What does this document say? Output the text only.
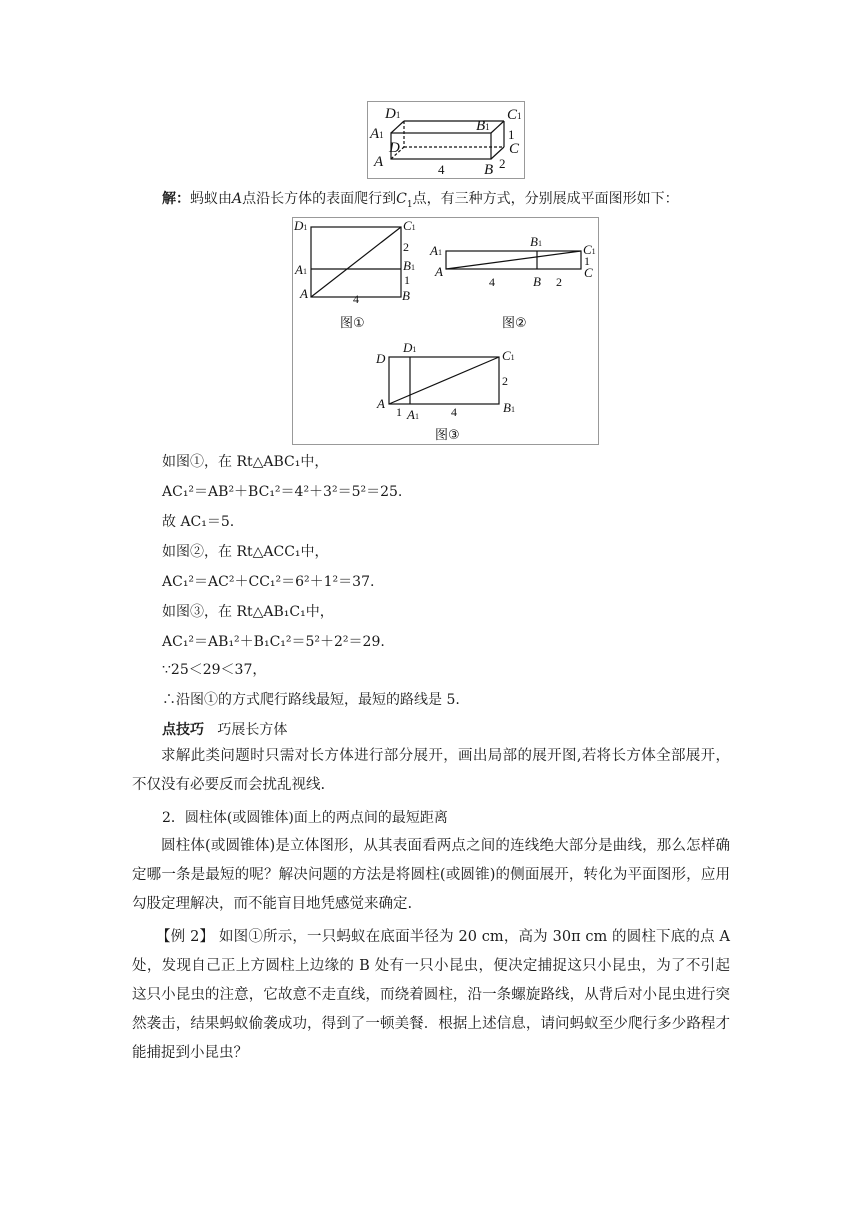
D1
A1
B1
C1
D
A	B
C
4	2
1
解：蚂蚁由A点沿长方体的表面爬行到$C_1$点，有三种方式，分别展成平面图形如下：
D1	C1
A1	B1
A	B
4
2
1
图①
A1
B1	C1
A
B
C
4	2
1
图②
D
D1	C1
A
A1
B1
1	4
2
图③
如图①，在 Rt△ABC₁中，
AC₁²＝AB²＋BC₁²＝4²＋3²＝5²＝25.
故 AC₁＝5.
如图②，在 Rt△ACC₁中，
AC₁²＝AC²＋CC₁²＝6²＋1²＝37.
如图③，在 Rt△AB₁C₁中，
AC₁²＝AB₁²＋B₁C₁²＝5²＋2²＝29.
∵25＜29＜37，
∴沿图①的方式爬行路线最短，最短的路线是 5.
点技巧 巧展长方体
求解此类问题时只需对长方体进行部分展开，画出局部的展开图,若将长方体全部展开，不仅没有必要反而会扰乱视线.
2．圆柱体(或圆锥体)面上的两点间的最短距离
圆柱体(或圆锥体)是立体图形，从其表面看两点之间的连线绝大部分是曲线，那么怎样确定哪一条是最短的呢？解决问题的方法是将圆柱(或圆锥)的侧面展开，转化为平面图形，应用勾股定理解决，而不能盲目地凭感觉来确定.
【例 2】 如图①所示，一只蚂蚁在底面半径为 20 cm，高为 30π cm 的圆柱下底的点 A 处，发现自己正上方圆柱上边缘的 B 处有一只小昆虫，便决定捕捉这只小昆虫，为了不引起这只小昆虫的注意，它故意不走直线，而绕着圆柱，沿一条螺旋路线，从背后对小昆虫进行突然袭击，结果蚂蚁偷袭成功，得到了一顿美餐．根据上述信息，请问蚂蚁至少爬行多少路程才能捕捉到小昆虫？
